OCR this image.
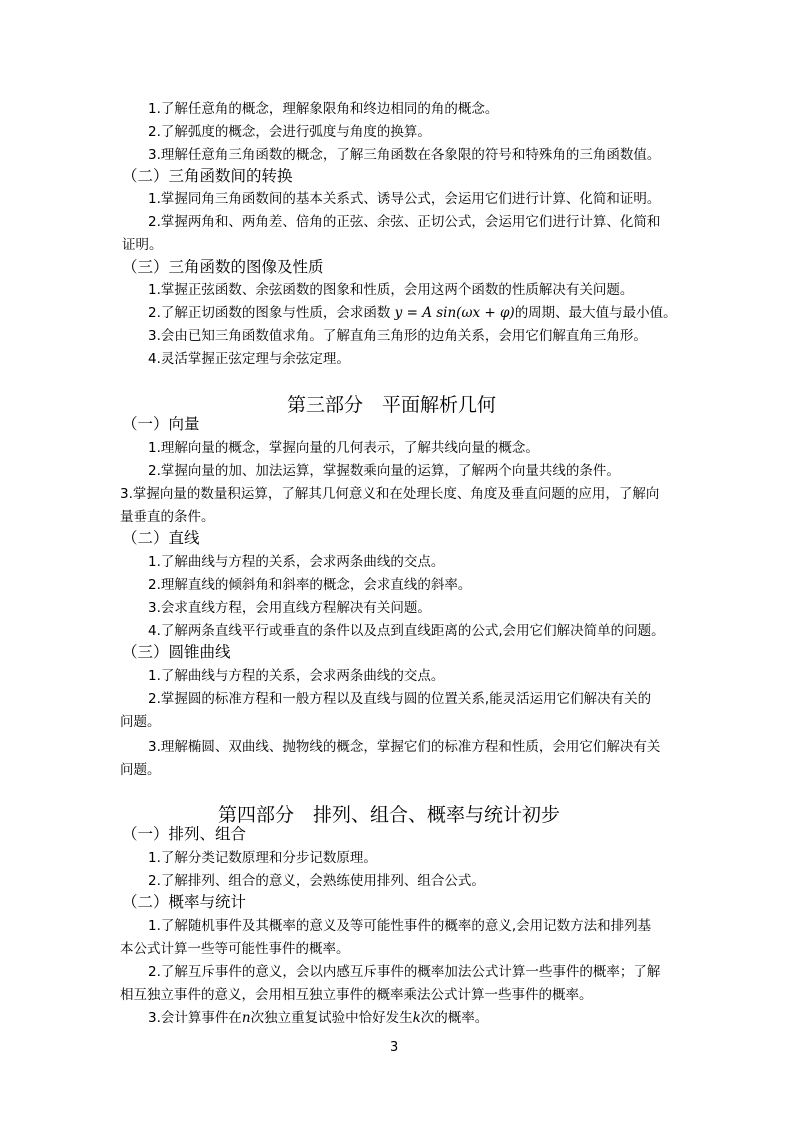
1.了解任意角的概念，理解象限角和终边相同的角的概念。
2.了解弧度的概念，会进行弧度与角度的换算。
3.理解任意角三角函数的概念，了解三角函数在各象限的符号和特殊角的三角函数值。
（二）三角函数间的转换
1.掌握同角三角函数间的基本关系式、诱导公式，会运用它们进行计算、化简和证明。
2.掌握两角和、两角差、倍角的正弦、余弦、正切公式，会运用它们进行计算、化简和
证明。
（三）三角函数的图像及性质
1.掌握正弦函数、余弦函数的图象和性质，会用这两个函数的性质解决有关问题。
2.了解正切函数的图象与性质，会求函数 y = A sin(ωx + φ)的周期、最大值与最小值。
3.会由已知三角函数值求角。了解直角三角形的边角关系，会用它们解直角三角形。
4.灵活掌握正弦定理与余弦定理。
第三部分　平面解析几何
（一）向量
1.理解向量的概念，掌握向量的几何表示，了解共线向量的概念。
2.掌握向量的加、加法运算，掌握数乘向量的运算，了解两个向量共线的条件。
3.掌握向量的数量积运算，了解其几何意义和在处理长度、角度及垂直问题的应用，了解向
量垂直的条件。
（二）直线
1.了解曲线与方程的关系，会求两条曲线的交点。
2.理解直线的倾斜角和斜率的概念，会求直线的斜率。
3.会求直线方程，会用直线方程解决有关问题。
4.了解两条直线平行或垂直的条件以及点到直线距离的公式,会用它们解决简单的问题。
（三）圆锥曲线
1.了解曲线与方程的关系，会求两条曲线的交点。
2.掌握圆的标准方程和一般方程以及直线与圆的位置关系,能灵活运用它们解决有关的
问题。
3.理解椭圆、双曲线、抛物线的概念，掌握它们的标准方程和性质，会用它们解决有关
问题。
第四部分　排列、组合、概率与统计初步
（一）排列、组合
1.了解分类记数原理和分步记数原理。
2.了解排列、组合的意义，会熟练使用排列、组合公式。
（二）概率与统计
1.了解随机事件及其概率的意义及等可能性事件的概率的意义,会用记数方法和排列基
本公式计算一些等可能性事件的概率。
2.了解互斥事件的意义，会以内感互斥事件的概率加法公式计算一些事件的概率；了解
相互独立事件的意义，会用相互独立事件的概率乘法公式计算一些事件的概率。
3.会计算事件在n次独立重复试验中恰好发生k次的概率。
3
